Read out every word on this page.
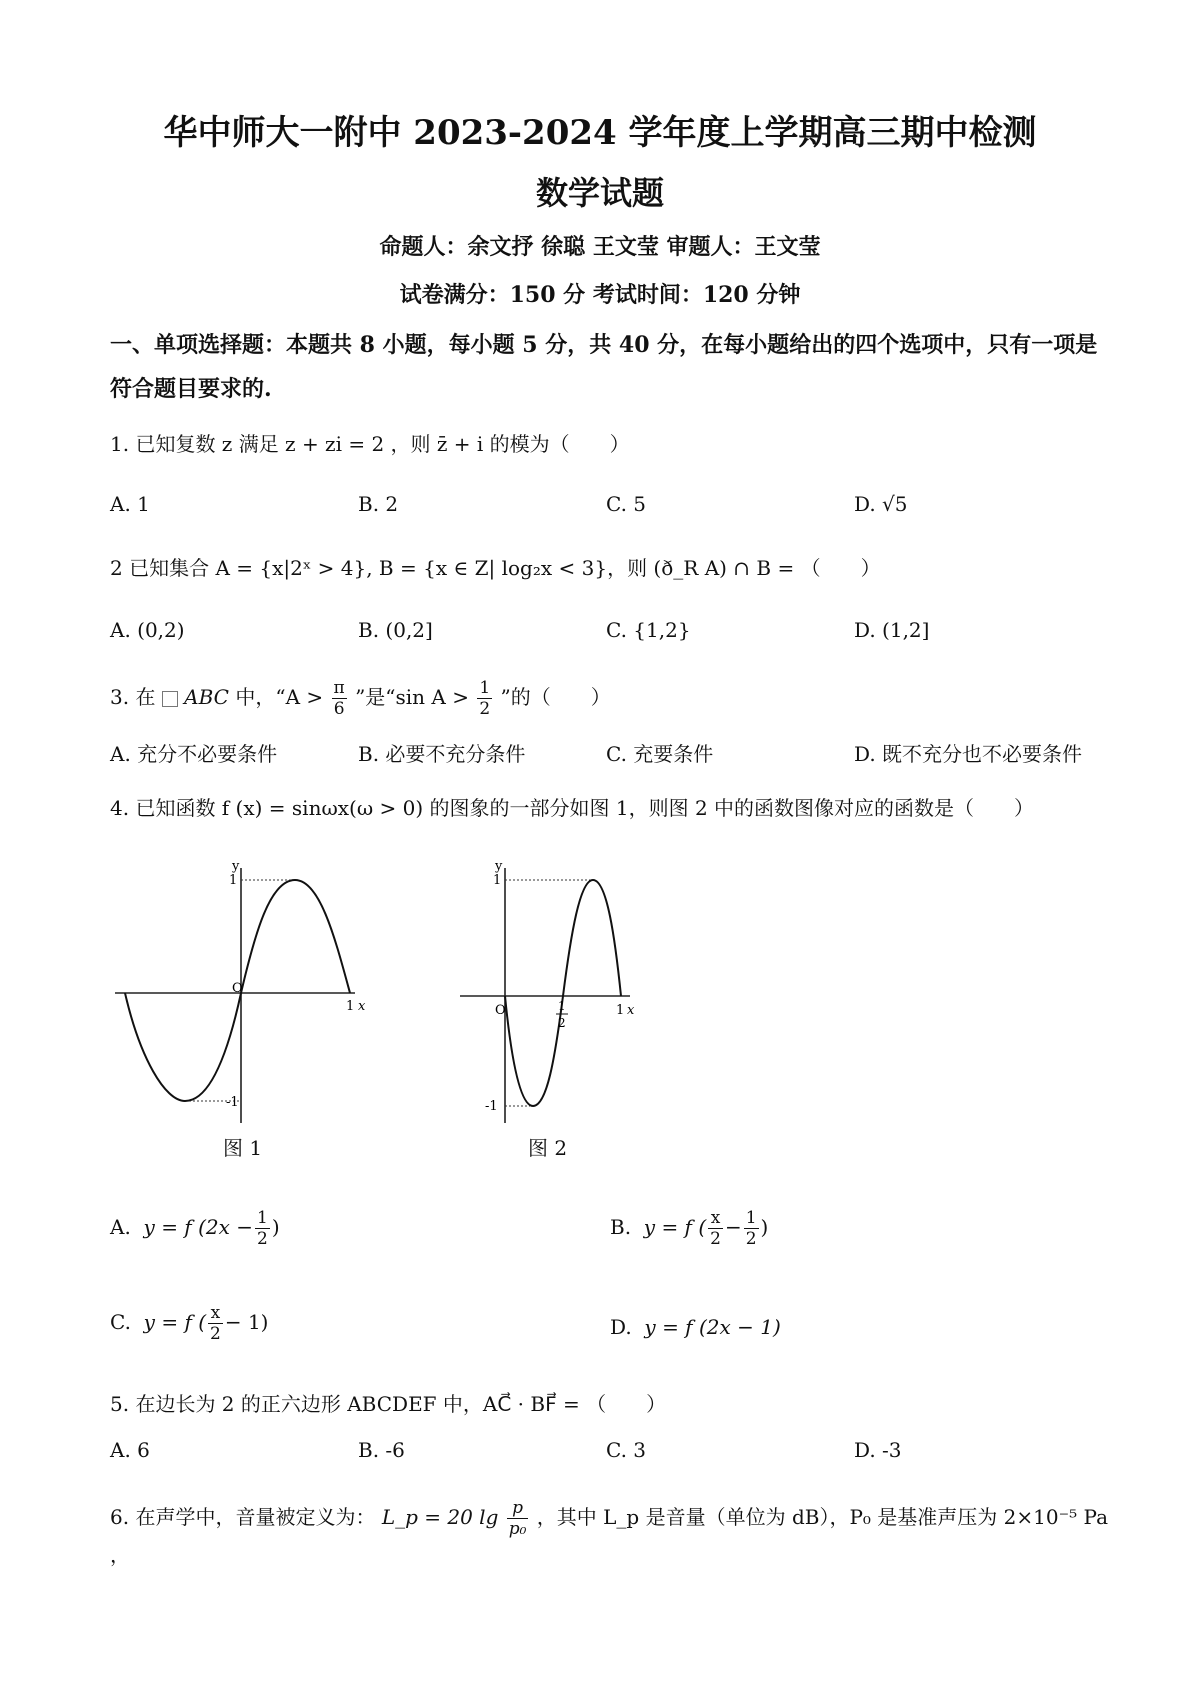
华中师大一附中 2023-2024 学年度上学期高三期中检测
数学试题
命题人：余文抒 徐聪 王文莹 审题人：王文莹
试卷满分：150 分 考试时间：120 分钟
一、单项选择题：本题共 8 小题，每小题 5 分，共 40 分，在每小题给出的四个选项中，只有一项是符合题目要求的.
1. 已知复数 z 满足 z + zi = 2 ，则 z̄ + i 的模为（　　）
A. 1	B. 2	C. 5	D. √5
2 已知集合 A = {x|2ˣ > 4}, B = {x ∈ Z| log₂x < 3}，则 (ð_R A) ∩ B = （　　）
A. (0,2)	B. (0,2]	C. {1,2}	D. (1,2]
3. 在 ABC 中，“$A > \frac{\pi}{6}$ ”是“sin $A > \frac{1}{2}$ ”的（　　）
A. 充分不必要条件	B. 必要不充分条件	C. 充要条件	D. 既不充分也不必要条件
4. 已知函数 f (x) = sinωx(ω > 0) 的图象的一部分如图 1，则图 2 中的函数图像对应的函数是（　　）
y
1
O
-1
1 x
图 1
y
1
O
-1
1
2
1 x
图 2
A. y = f ($2x - \frac{1}{2}$ )	B. y = f ( $\frac{x}{2} - \frac{1}{2}$ )
C. y = f ( $\frac{x}{2} - 1$)	D. y = f (2x − 1)
5. 在边长为 2 的正六边形 ABCDEF 中，AC⃗ · BF⃗ = （　　）
A. 6	B. -6	C. 3	D. -3
6. 在声学中，音量被定义为： L_p = 20 $\lg \frac{p}{\text{p₀}}$ ，其中 L_p 是音量（单位为 dB），P₀ 是基准声压为 2×10⁻⁵ Pa ，
